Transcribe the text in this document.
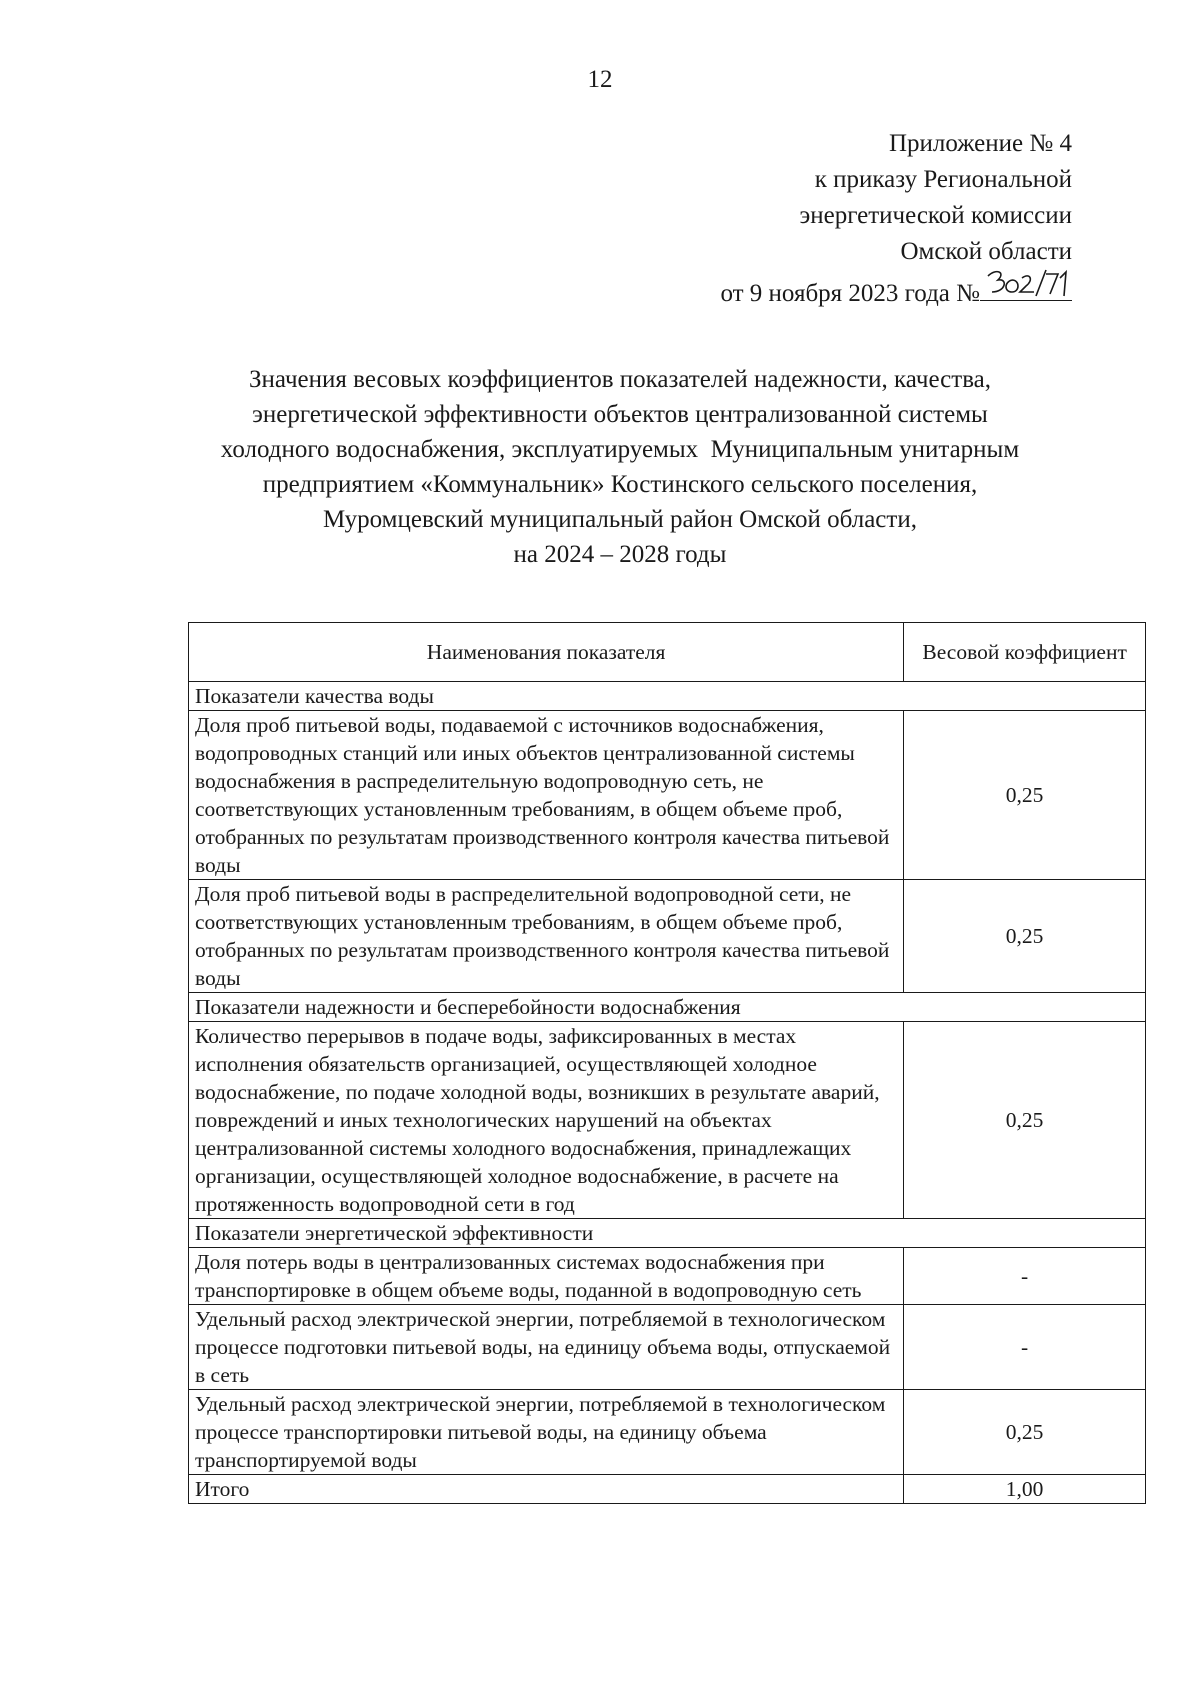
12
Приложение № 4
к приказу Региональной
энергетической комиссии
Омской области
от 9 ноября 2023 года №
Значения весовых коэффициентов показателей надежности, качества,
энергетической эффективности объектов централизованной системы
холодного водоснабжения, эксплуатируемых  Муниципальным унитарным
предприятием «Коммунальник» Костинского сельского поселения,
Муромцевский муниципальный район Омской области,
на 2024 – 2028 годы
Наименования показателя	Весовой коэффициент
Показатели качества воды	
Доля проб питьевой воды, подаваемой с источников водоснабжения, водопроводных станций или иных объектов централизованной системы водоснабжения в распределительную водопроводную сеть, не соответствующих установленным требованиям, в общем объеме проб, отобранных по результатам производственного контроля качества питьевой воды	0,25
Доля проб питьевой воды в распределительной водопроводной сети, не соответствующих установленным требованиям, в общем объеме проб, отобранных по результатам производственного контроля качества питьевой воды	0,25
Показатели надежности и бесперебойности водоснабжения	
Количество перерывов в подаче воды, зафиксированных в местах исполнения обязательств организацией, осуществляющей холодное водоснабжение, по подаче холодной воды, возникших в результате аварий, повреждений и иных технологических нарушений на объектах централизованной системы холодного водоснабжения, принадлежащих организации, осуществляющей холодное водоснабжение, в расчете на протяженность водопроводной сети в год	0,25
Показатели энергетической эффективности	
Доля потерь воды в централизованных системах водоснабжения при транспортировке в общем объеме воды, поданной в водопроводную сеть	-
Удельный расход электрической энергии, потребляемой в технологическом процессе подготовки питьевой воды, на единицу объема воды, отпускаемой в сеть	-
Удельный расход электрической энергии, потребляемой в технологическом процессе транспортировки питьевой воды, на единицу объема транспортируемой воды	0,25
Итого	1,00
